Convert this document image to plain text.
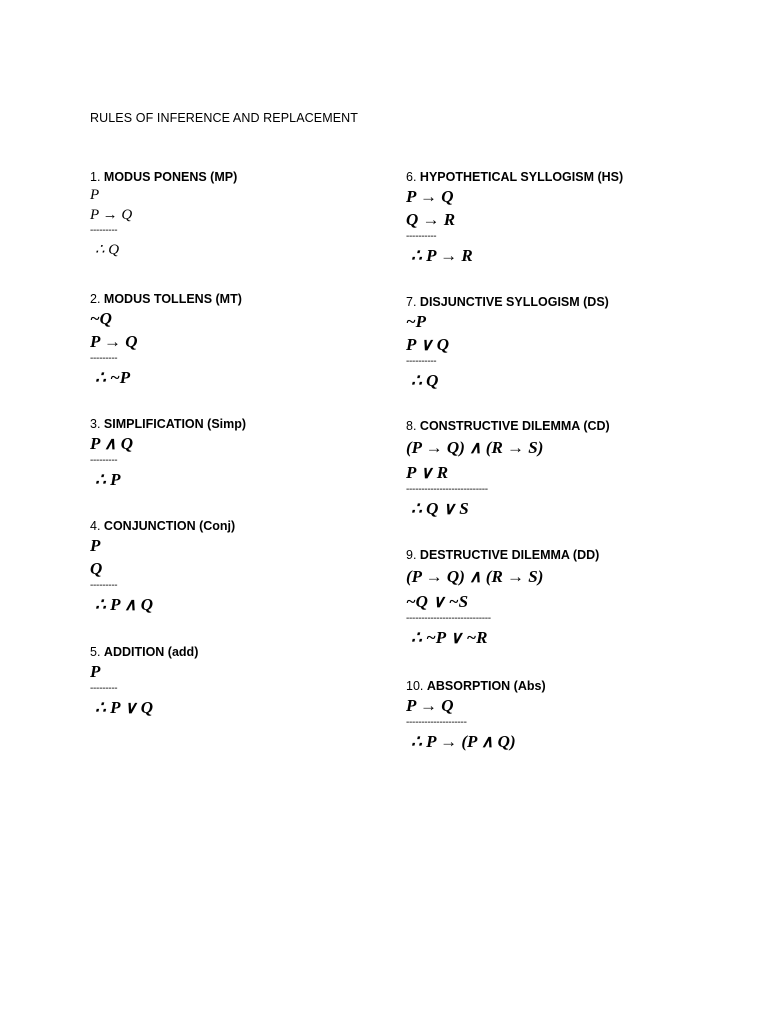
RULES OF INFERENCE AND REPLACEMENT
1. MODUS PONENS (MP)
P
P → Q
---------
∴ Q
2. MODUS TOLLENS (MT)
~Q
P → Q
---------
∴ ~P
3. SIMPLIFICATION (Simp)
P ∧ Q
---------
∴ P
4. CONJUNCTION (Conj)
P
Q
---------
∴ P ∧ Q
5. ADDITION (add)
P
---------
∴ P ∨ Q
6. HYPOTHETICAL SYLLOGISM (HS)
P → Q
Q → R
----------
∴ P → R
7. DISJUNCTIVE SYLLOGISM (DS)
~P
P ∨ Q
----------
∴ Q
8. CONSTRUCTIVE DILEMMA (CD)
(P → Q) ∧ (R → S)
P ∨ R
---------------------------
∴ Q ∨ S
9. DESTRUCTIVE DILEMMA (DD)
(P → Q) ∧ (R → S)
~Q ∨ ~S
----------------------------
∴ ~P ∨ ~R
10. ABSORPTION (Abs)
P → Q
--------------------
∴ P → (P ∧ Q)
